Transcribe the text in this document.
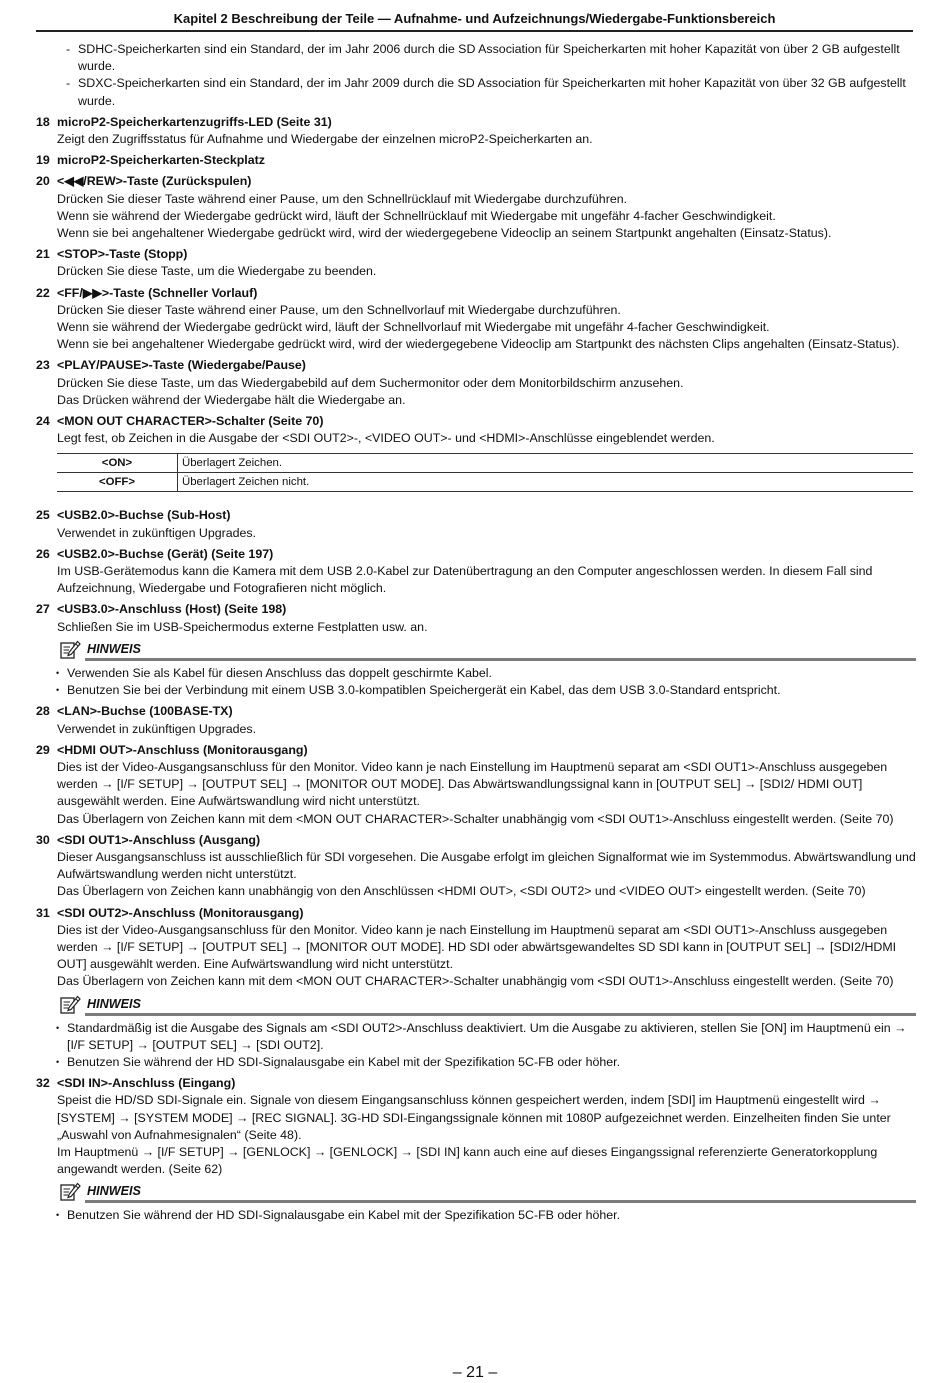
Kapitel 2 Beschreibung der Teile — Aufnahme- und Aufzeichnungs/Wiedergabe-Funktionsbereich
- SDHC-Speicherkarten sind ein Standard, der im Jahr 2006 durch die SD Association für Speicherkarten mit hoher Kapazität von über 2 GB aufgestellt wurde.
- SDXC-Speicherkarten sind ein Standard, der im Jahr 2009 durch die SD Association für Speicherkarten mit hoher Kapazität von über 32 GB aufgestellt wurde.
18 microP2-Speicherkartenzugriffs-LED (Seite 31)
Zeigt den Zugriffsstatus für Aufnahme und Wiedergabe der einzelnen microP2-Speicherkarten an.
19 microP2-Speicherkarten-Steckplatz
20 <◀◀/REW>-Taste (Zurückspulen)
Drücken Sie dieser Taste während einer Pause, um den Schnellrücklauf mit Wiedergabe durchzuführen.
Wenn sie während der Wiedergabe gedrückt wird, läuft der Schnellrücklauf mit Wiedergabe mit ungefähr 4-facher Geschwindigkeit.
Wenn sie bei angehaltener Wiedergabe gedrückt wird, wird der wiedergegebene Videoclip an seinem Startpunkt angehalten (Einsatz-Status).
21 <STOP>-Taste (Stopp)
Drücken Sie diese Taste, um die Wiedergabe zu beenden.
22 <FF/▶▶>-Taste (Schneller Vorlauf)
Drücken Sie dieser Taste während einer Pause, um den Schnellvorlauf mit Wiedergabe durchzuführen.
Wenn sie während der Wiedergabe gedrückt wird, läuft der Schnellvorlauf mit Wiedergabe mit ungefähr 4-facher Geschwindigkeit.
Wenn sie bei angehaltener Wiedergabe gedrückt wird, wird der wiedergegebene Videoclip am Startpunkt des nächsten Clips angehalten (Einsatz-Status).
23 <PLAY/PAUSE>-Taste (Wiedergabe/Pause)
Drücken Sie diese Taste, um das Wiedergabebild auf dem Suchermonitor oder dem Monitorbildschirm anzusehen.
Das Drücken während der Wiedergabe hält die Wiedergabe an.
24 <MON OUT CHARACTER>-Schalter (Seite 70)
Legt fest, ob Zeichen in die Ausgabe der <SDI OUT2>-, <VIDEO OUT>- und <HDMI>-Anschlüsse eingeblendet werden.
<ON>	Überlagert Zeichen.
<OFF>	Überlagert Zeichen nicht.
25 <USB2.0>-Buchse (Sub-Host)
Verwendet in zukünftigen Upgrades.
26 <USB2.0>-Buchse (Gerät) (Seite 197)
Im USB-Gerätemodus kann die Kamera mit dem USB 2.0-Kabel zur Datenübertragung an den Computer angeschlossen werden. In diesem Fall sind Aufzeichnung, Wiedergabe und Fotografieren nicht möglich.
27 <USB3.0>-Anschluss (Host) (Seite 198)
Schließen Sie im USB-Speichermodus externe Festplatten usw. an.
HINWEIS
• Verwenden Sie als Kabel für diesen Anschluss das doppelt geschirmte Kabel.
• Benutzen Sie bei der Verbindung mit einem USB 3.0-kompatiblen Speichergerät ein Kabel, das dem USB 3.0-Standard entspricht.
28 <LAN>-Buchse (100BASE-TX)
Verwendet in zukünftigen Upgrades.
29 <HDMI OUT>-Anschluss (Monitorausgang)
Dies ist der Video-Ausgangsanschluss für den Monitor. Video kann je nach Einstellung im Hauptmenü separat am <SDI OUT1>-Anschluss ausgegeben werden → [I/F SETUP] → [OUTPUT SEL] → [MONITOR OUT MODE]. Das Abwärtswandlungssignal kann in [OUTPUT SEL] → [SDI2/ HDMI OUT] ausgewählt werden. Eine Aufwärtswandlung wird nicht unterstützt.
Das Überlagern von Zeichen kann mit dem <MON OUT CHARACTER>-Schalter unabhängig vom <SDI OUT1>-Anschluss eingestellt werden. (Seite 70)
30 <SDI OUT1>-Anschluss (Ausgang)
Dieser Ausgangsanschluss ist ausschließlich für SDI vorgesehen. Die Ausgabe erfolgt im gleichen Signalformat wie im Systemmodus. Abwärtswandlung und Aufwärtswandlung werden nicht unterstützt.
Das Überlagern von Zeichen kann unabhängig von den Anschlüssen <HDMI OUT>, <SDI OUT2> und <VIDEO OUT> eingestellt werden. (Seite 70)
31 <SDI OUT2>-Anschluss (Monitorausgang)
Dies ist der Video-Ausgangsanschluss für den Monitor. Video kann je nach Einstellung im Hauptmenü separat am <SDI OUT1>-Anschluss ausgegeben werden → [I/F SETUP] → [OUTPUT SEL] → [MONITOR OUT MODE]. HD SDI oder abwärtsgewandeltes SD SDI kann in [OUTPUT SEL] → [SDI2/HDMI OUT] ausgewählt werden. Eine Aufwärtswandlung wird nicht unterstützt.
Das Überlagern von Zeichen kann mit dem <MON OUT CHARACTER>-Schalter unabhängig vom <SDI OUT1>-Anschluss eingestellt werden. (Seite 70)
HINWEIS
• Standardmäßig ist die Ausgabe des Signals am <SDI OUT2>-Anschluss deaktiviert. Um die Ausgabe zu aktivieren, stellen Sie [ON] im Hauptmenü ein → [I/F SETUP] → [OUTPUT SEL] → [SDI OUT2].
• Benutzen Sie während der HD SDI-Signalausgabe ein Kabel mit der Spezifikation 5C-FB oder höher.
32 <SDI IN>-Anschluss (Eingang)
Speist die HD/SD SDI-Signale ein. Signale von diesem Eingangsanschluss können gespeichert werden, indem [SDI] im Hauptmenü eingestellt wird → [SYSTEM] → [SYSTEM MODE] → [REC SIGNAL]. 3G-HD SDI-Eingangssignale können mit 1080P aufgezeichnet werden. Einzelheiten finden Sie unter „Auswahl von Aufnahmesignalen“ (Seite 48).
Im Hauptmenü → [I/F SETUP] → [GENLOCK] → [GENLOCK] → [SDI IN] kann auch eine auf dieses Eingangssignal referenzierte Generatorkopplung angewandt werden. (Seite 62)
HINWEIS
• Benutzen Sie während der HD SDI-Signalausgabe ein Kabel mit der Spezifikation 5C-FB oder höher.
– 21 –
